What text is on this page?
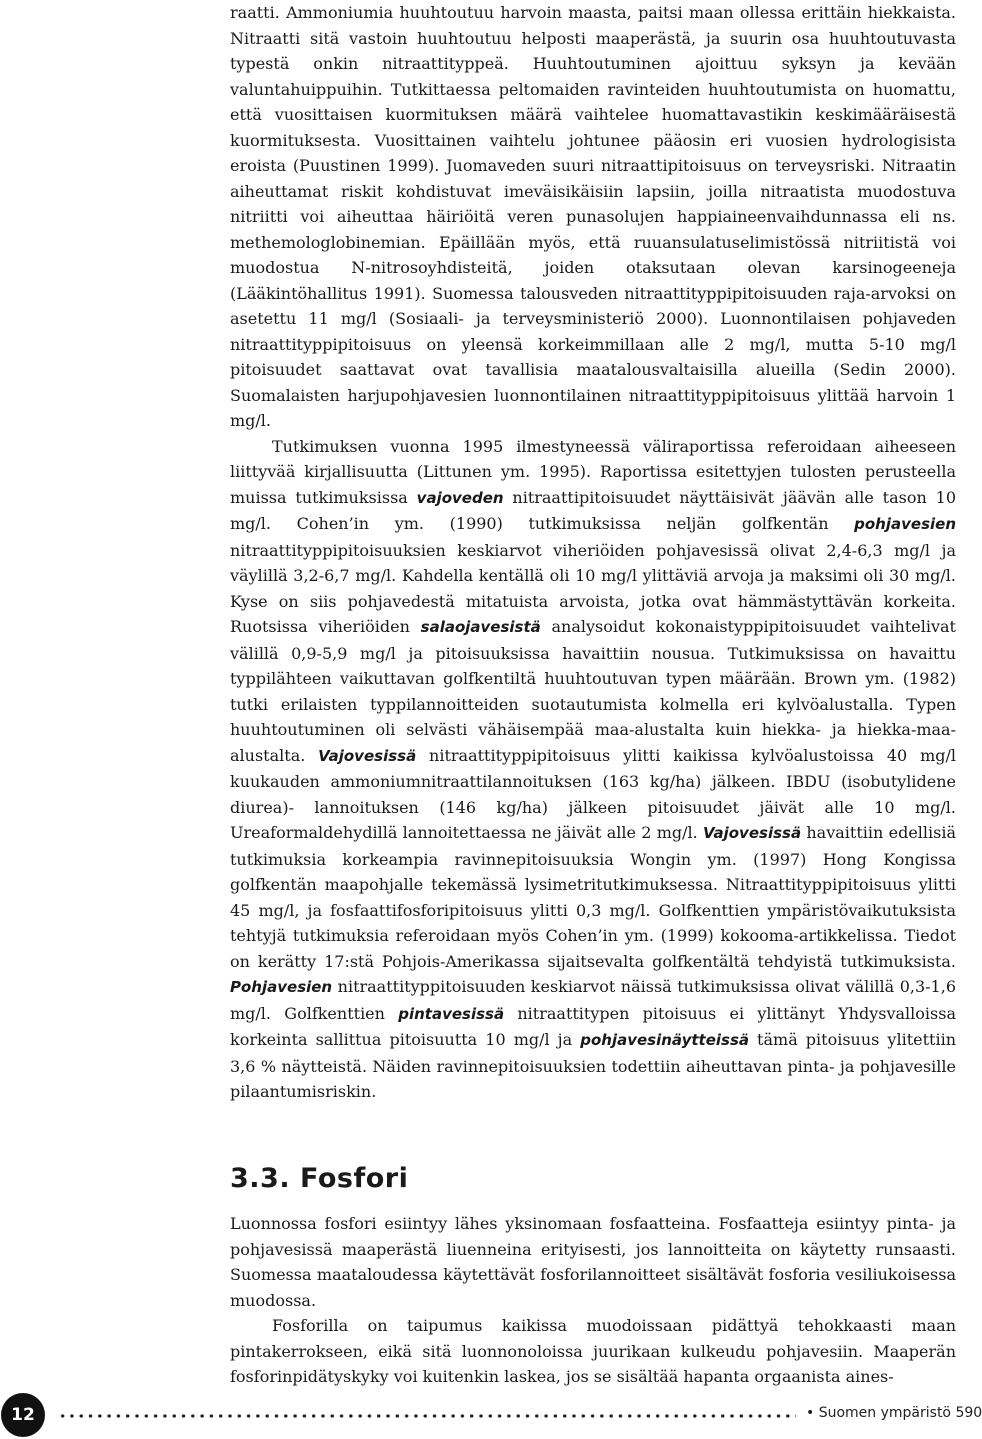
raatti. Ammoniumia huuhtoutuu harvoin maasta, paitsi maan ollessa erittäin hiekkaista. Nitraatti sitä vastoin huuhtoutuu helposti maaperästä, ja suurin osa huuhtoutuvasta typestä onkin nitraattityppeä. Huuhtoutuminen ajoittuu syksyn ja kevään valuntahuippuihin. Tutkittaessa peltomaiden ravinteiden huuhtoutumista on huomattu, että vuosittaisen kuormituksen määrä vaihtelee huomattavastikin keskimääräisestä kuormituksesta. Vuosittainen vaihtelu johtunee pääosin eri vuosien hydrologisista eroista (Puustinen 1999). Juomaveden suuri nitraattipitoisuus on terveysriski. Nitraatin aiheuttamat riskit kohdistuvat imeväisikäisiin lapsiin, joilla nitraatista muodostuva nitriitti voi aiheuttaa häiriöitä veren punasolujen happiaineenvaihdunnassa eli ns. methemologlobinemian. Epäillään myös, että ruuansulatuselimistössä nitriitistä voi muodostua N-nitrosoyhdisteitä, joiden otaksutaan olevan karsinogeeneja (Lääkintöhallitus 1991). Suomessa talousveden nitraattityppipitoisuuden raja-arvoksi on asetettu 11 mg/l (Sosiaali- ja terveysministeriö 2000). Luonnontilaisen pohjaveden nitraattityppipitoisuus on yleensä korkeimmillaan alle 2 mg/l, mutta 5-10 mg/l pitoisuudet saattavat ovat tavallisia maatalousvaltaisilla alueilla (Sedin 2000). Suomalaisten harjupohjavesien luonnontilainen nitraattityppipitoisuus ylittää harvoin 1 mg/l.

Tutkimuksen vuonna 1995 ilmestyneessä väliraportissa referoidaan aiheeseen liittyvää kirjallisuutta (Littunen ym. 1995). Raportissa esitettyjen tulosten perusteella muissa tutkimuksissa vajoveden nitraattipitoisuudet näyttäisivät jäävän alle tason 10 mg/l. Cohen’in ym. (1990) tutkimuksissa neljän golfkentän pohjavesien nitraattityppipitoisuuksien keskiarvot viheriöiden pohjavesissä olivat 2,4-6,3 mg/l ja väylillä 3,2-6,7 mg/l. Kahdella kentällä oli 10 mg/l ylittäviä arvoja ja maksimi oli 30 mg/l. Kyse on siis pohjavedestä mitatuista arvoista, jotka ovat hämmästyttävän korkeita. Ruotsissa viheriöiden salaojavesistä analysoidut kokonaistyppipitoisuudet vaihtelivat välillä 0,9-5,9 mg/l ja pitoisuuksissa havaittiin nousua. Tutkimuksissa on havaittu typpilähteen vaikuttavan golfkentiltä huuhtoutuvan typen määrään. Brown ym. (1982) tutki erilaisten typpilannoitteiden suotautumista kolmella eri kylvöalustalla. Typen huuhtoutuminen oli selvästi vähäisempää maa-alustalta kuin hiekka- ja hiekka-maa-alustalta. Vajovesissä nitraattityppipitoisuus ylitti kaikissa kylvöalustoissa 40 mg/l kuukauden ammoniumnitraattilannoituksen (163 kg/ha) jälkeen. IBDU (isobutylidene diurea)- lannoituksen (146 kg/ha) jälkeen pitoisuudet jäivät alle 10 mg/l. Ureaformaldehydillä lannoitettaessa ne jäivät alle 2 mg/l. Vajovesissä havaittiin edellisiä tutkimuksia korkeampia ravinnepitoisuuksia Wongin ym. (1997) Hong Kongissa golfkentän maapohjalle tekemässä lysimetritutkimuksessa. Nitraattityppipitoisuus ylitti 45 mg/l, ja fosfaattifosforipitoisuus ylitti 0,3 mg/l. Golfkenttien ympäristövaikutuksista tehtyjä tutkimuksia referoidaan myös Cohen’in ym. (1999) kokooma-artikkelissa. Tiedot on kerätty 17:stä Pohjois-Amerikassa sijaitsevalta golfkentältä tehdyistä tutkimuksista. Pohjavesien nitraattityppitoisuuden keskiarvot näissä tutkimuksissa olivat välillä 0,3-1,6 mg/l. Golfkenttien pintavesissä nitraattitypen pitoisuus ei ylittänyt Yhdysvalloissa korkeinta sallittua pitoisuutta 10 mg/l ja pohjavesinäytteissä tämä pitoisuus ylitettiin 3,6 % näytteistä. Näiden ravinnepitoisuuksien todettiin aiheuttavan pinta- ja pohjavesille pilaantumisriskin.

3.3. Fosfori

Luonnossa fosfori esiintyy lähes yksinomaan fosfaatteina. Fosfaatteja esiintyy pinta- ja pohjavesissä maaperästä liuenneina erityisesti, jos lannoitteita on käytetty runsaasti. Suomessa maataloudessa käytettävät fosforilannoitteet sisältävät fosforia vesiliukoisessa muodossa.

Fosforilla on taipumus kaikissa muodoissaan pidättyä tehokkaasti maan pintakerrokseen, eikä sitä luonnonoloissa juurikaan kulkeudu pohjavesiin. Maaperän fosforinpidätyskyky voi kuitenkin laskea, jos se sisältää hapanta orgaanista aines-

12	• Suomen ympäristö 590
